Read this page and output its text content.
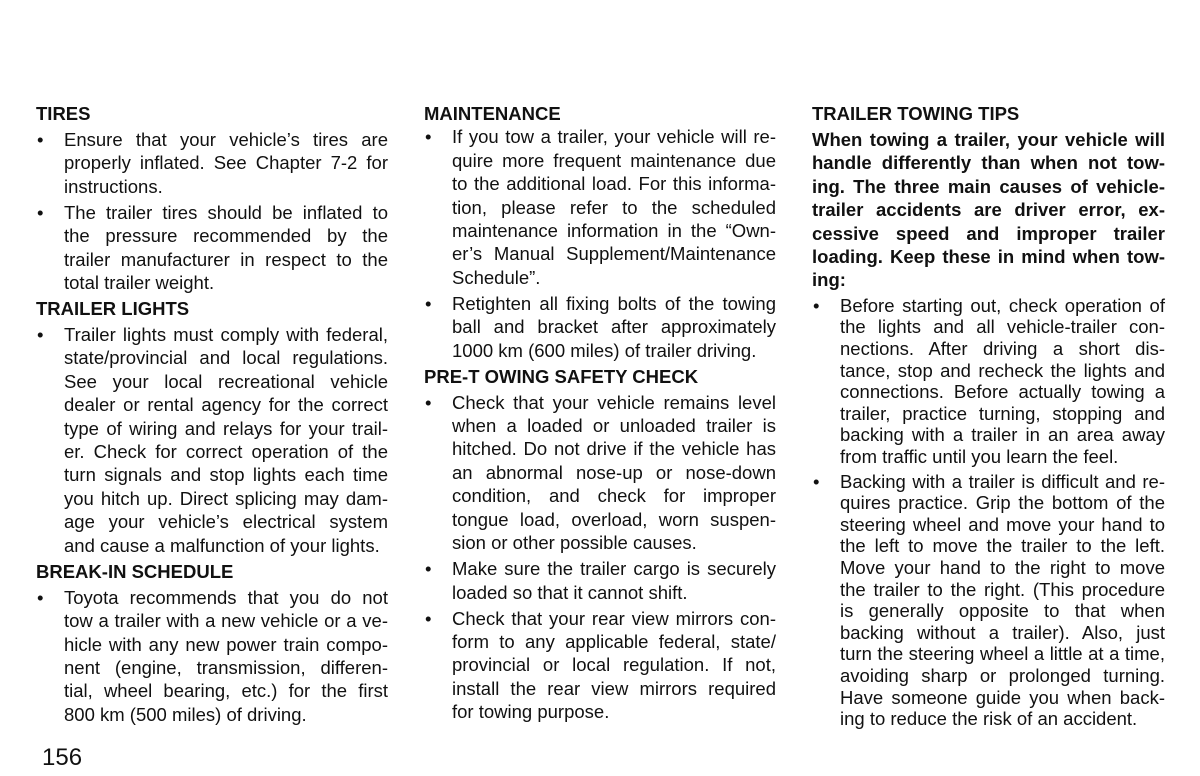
TIRES
•
Ensure that your vehicle’s tires are
properly inflated. See Chapter 7-2 for
instructions.
•
The trailer tires should be inflated to
the pressure recommended by the
trailer manufacturer in respect to the
total trailer weight.
TRAILER LIGHTS
•
Trailer lights must comply with federal,
state/provincial and local regulations.
See your local recreational vehicle
dealer or rental agency for the correct
type of wiring and relays for your trail-
er. Check for correct operation of the
turn signals and stop lights each time
you hitch up. Direct splicing may dam-
age your vehicle’s electrical system
and cause a malfunction of your lights.
BREAK-IN SCHEDULE
•
Toyota recommends that you do not
tow a trailer with a new vehicle or a ve-
hicle with any new power train compo-
nent (engine, transmission, differen-
tial, wheel bearing, etc.) for the first
800 km (500 miles) of driving.
MAINTENANCE
•
If you tow a trailer, your vehicle will re-
quire more frequent maintenance due
to the additional load. For this informa-
tion, please refer to the scheduled
maintenance information in the “Own-
er’s Manual Supplement/Maintenance
Schedule”.
•
Retighten all fixing bolts of the towing
ball and bracket after approximately
1000 km (600 miles) of trailer driving.
PRE-T OWING SAFETY CHECK
•
Check that your vehicle remains level
when a loaded or unloaded trailer is
hitched. Do not drive if the vehicle has
an abnormal nose-up or nose-down
condition, and check for improper
tongue load, overload, worn suspen-
sion or other possible causes.
•
Make sure the trailer cargo is securely
loaded so that it cannot shift.
•
Check that your rear view mirrors con-
form to any applicable federal, state/
provincial or local regulation. If not,
install the rear view mirrors required
for towing purpose.
TRAILER TOWING TIPS
When towing a trailer, your vehicle will
handle differently than when not tow-
ing. The three main causes of vehicle-
trailer accidents are driver error, ex-
cessive speed and improper trailer
loading. Keep these in mind when tow-
ing:
•
Before starting out, check operation of
the lights and all vehicle-trailer con-
nections. After driving a short dis-
tance, stop and recheck the lights and
connections. Before actually towing a
trailer, practice turning, stopping and
backing with a trailer in an area away
from traffic until you learn the feel.
•
Backing with a trailer is difficult and re-
quires practice. Grip the bottom of the
steering wheel and move your hand to
the left to move the trailer to the left.
Move your hand to the right to move
the trailer to the right. (This procedure
is generally opposite to that when
backing without a trailer). Also, just
turn the steering wheel a little at a time,
avoiding sharp or prolonged turning.
Have someone guide you when back-
ing to reduce the risk of an accident.
156
